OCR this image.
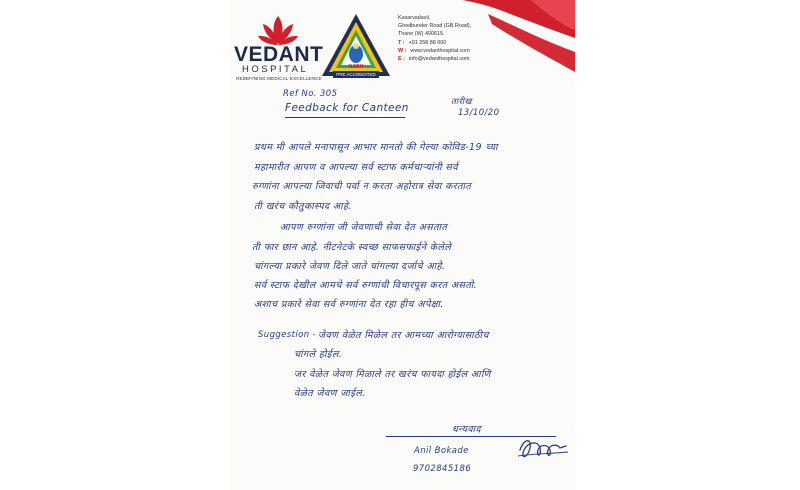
VEDANT
HOSPITAL
REDEFINING MEDICAL EXCELLENCE
NABH
PRE ACCREDITED
Kasarvadavli,
Ghodbunder Road (GB Road),
Thane (W) 400615.
T : +91 258 88 000
W : www.vedanthospital.com
E : info@vedanthospital.com
Ref No. 305
Feedback for Canteen	तारीख
13/10/20
प्रथम मी आपले मनापासून आभार मानतो की गेल्या कोविड-19 च्या
महामारीत आपण व आपल्या सर्व स्टाफ कर्मचाऱ्यांनी सर्व
रुग्णांना आपल्या जिवाची पर्वा न करता अहोरात्र सेवा करतात
ती खरंच कौतुकास्पद आहे.
आपण रुग्णांना जी जेवणाची सेवा देत असतात
ती फार छान आहे. नीटनेटके स्वच्छ साफसफाईने केलेले
चांगल्या प्रकारे जेवण दिले जाते चांगल्या दर्जाचे आहे.
सर्व स्टाफ देखील आमचे सर्व रुग्णांची विचारपूस करत असतो.
अशाच प्रकारे सेवा सर्व रुग्णांना देत रहा हीच अपेक्षा.
Suggestion - जेवण वेळेत मिळेल तर आमच्या आरोग्यासाठीच
चांगले होईल.
जर वेळेत जेवण मिळाले तर खरंच फायदा होईल आणि
वेळेत जेवण जाईल.
धन्यवाद
Anil Bokade
9702845186
